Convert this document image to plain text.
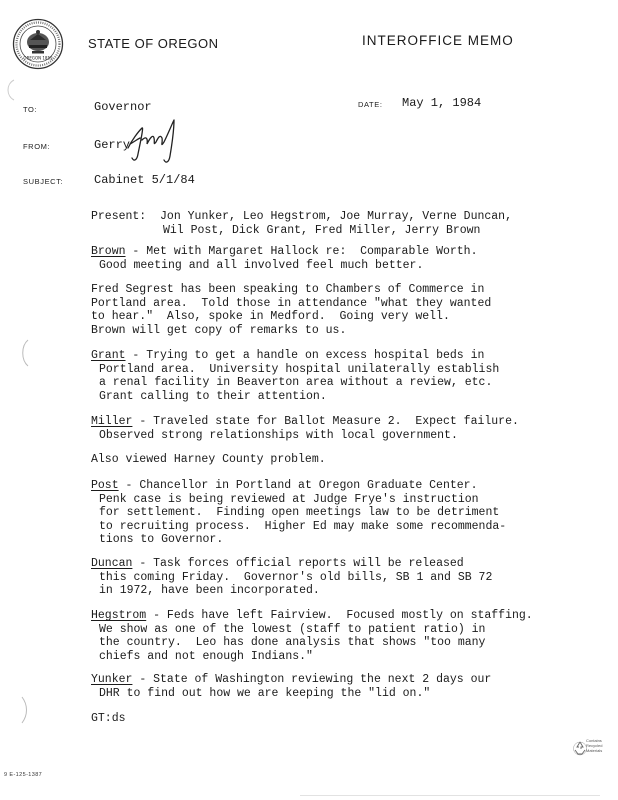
OREGON 1859
STATE OF OREGON	INTEROFFICE MEMO
TO:	Governor	DATE: May 1, 1984
FROM:	Gerry
SUBJECT:	Cabinet 5/1/84
Present: Jon Yunker, Leo Hegstrom, Joe Murray, Verne Duncan,
Wil Post, Dick Grant, Fred Miller, Jerry Brown
Brown - Met with Margaret Hallock re:  Comparable Worth.
Good meeting and all involved feel much better.
Fred Segrest has been speaking to Chambers of Commerce in
Portland area.  Told those in attendance "what they wanted
to hear."  Also, spoke in Medford.  Going very well.
Brown will get copy of remarks to us.
Grant - Trying to get a handle on excess hospital beds in
Portland area.  University hospital unilaterally establish
a renal facility in Beaverton area without a review, etc.
Grant calling to their attention.
Miller - Traveled state for Ballot Measure 2.  Expect failure.
Observed strong relationships with local government.
Also viewed Harney County problem.
Post - Chancellor in Portland at Oregon Graduate Center.
Penk case is being reviewed at Judge Frye's instruction
for settlement.  Finding open meetings law to be detriment
to recruiting process.  Higher Ed may make some recommenda-
tions to Governor.
Duncan - Task forces official reports will be released
this coming Friday.  Governor's old bills, SB 1 and SB 72
in 1972, have been incorporated.
Hegstrom - Feds have left Fairview.  Focused mostly on staffing.
We show as one of the lowest (staff to patient ratio) in
the country.  Leo has done analysis that shows "too many
chiefs and not enough Indians."
Yunker - State of Washington reviewing the next 2 days our
DHR to find out how we are keeping the "lid on."
GT:ds
Contains
Recycled
Materials
9 E-125-1387
